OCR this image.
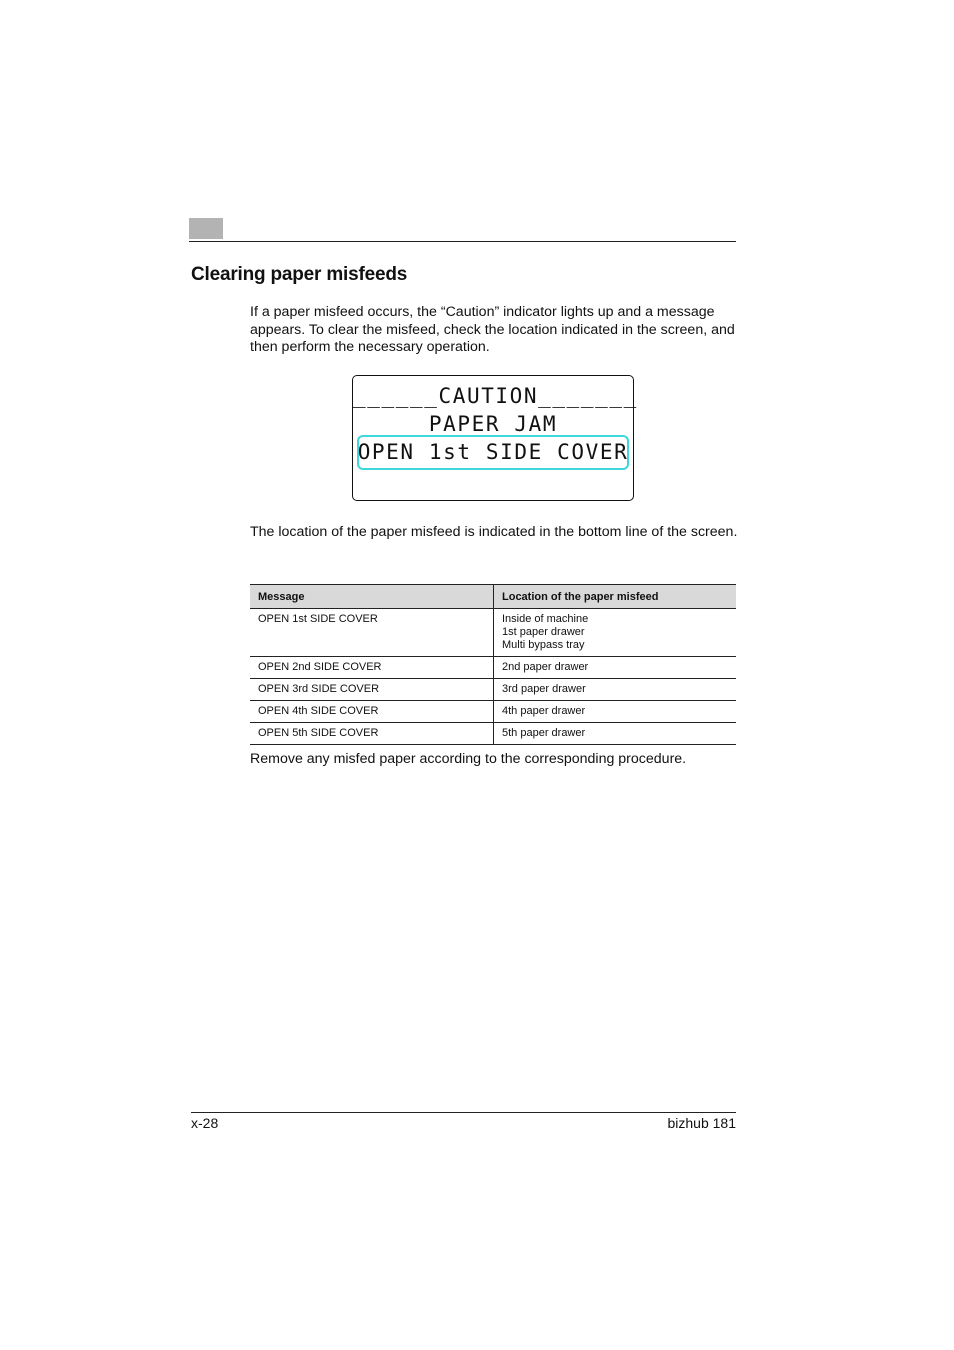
Clearing paper misfeeds

If a paper misfeed occurs, the “Caution” indicator lights up and a message appears. To clear the misfeed, check the location indicated in the screen, and then perform the necessary operation.

______CAUTION_______
PAPER JAM
OPEN 1st SIDE COVER

The location of the paper misfeed is indicated in the bottom line of the screen.

Message	Location of the paper misfeed
OPEN 1st SIDE COVER	Inside of machine
1st paper drawer
Multi bypass tray

OPEN 2nd SIDE COVER	2nd paper drawer

OPEN 3rd SIDE COVER	3rd paper drawer

OPEN 4th SIDE COVER	4th paper drawer

OPEN 5th SIDE COVER	5th paper drawer

Remove any misfed paper according to the corresponding procedure.

x-28	bizhub 181
